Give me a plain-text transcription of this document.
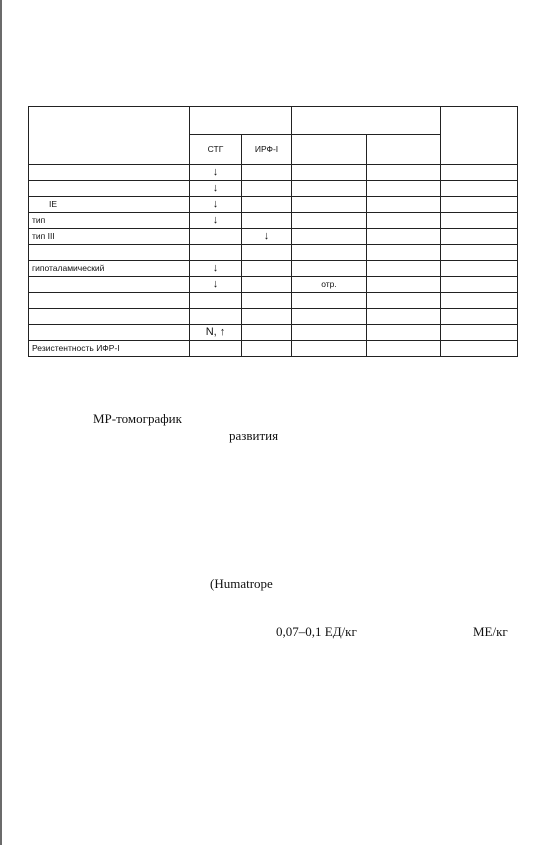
	СТГ	ИРФ-I			
	↓				
	↓				
IE	↓				
тип	↓				
тип III		↓			

гипоталамический	↓				
	↓		отр.		

	N, ↑				
Резистентность ИФР-I					
МР-томографик
развития
(Humatrope
0,07–0,1 ЕД/кг	МЕ/кг
